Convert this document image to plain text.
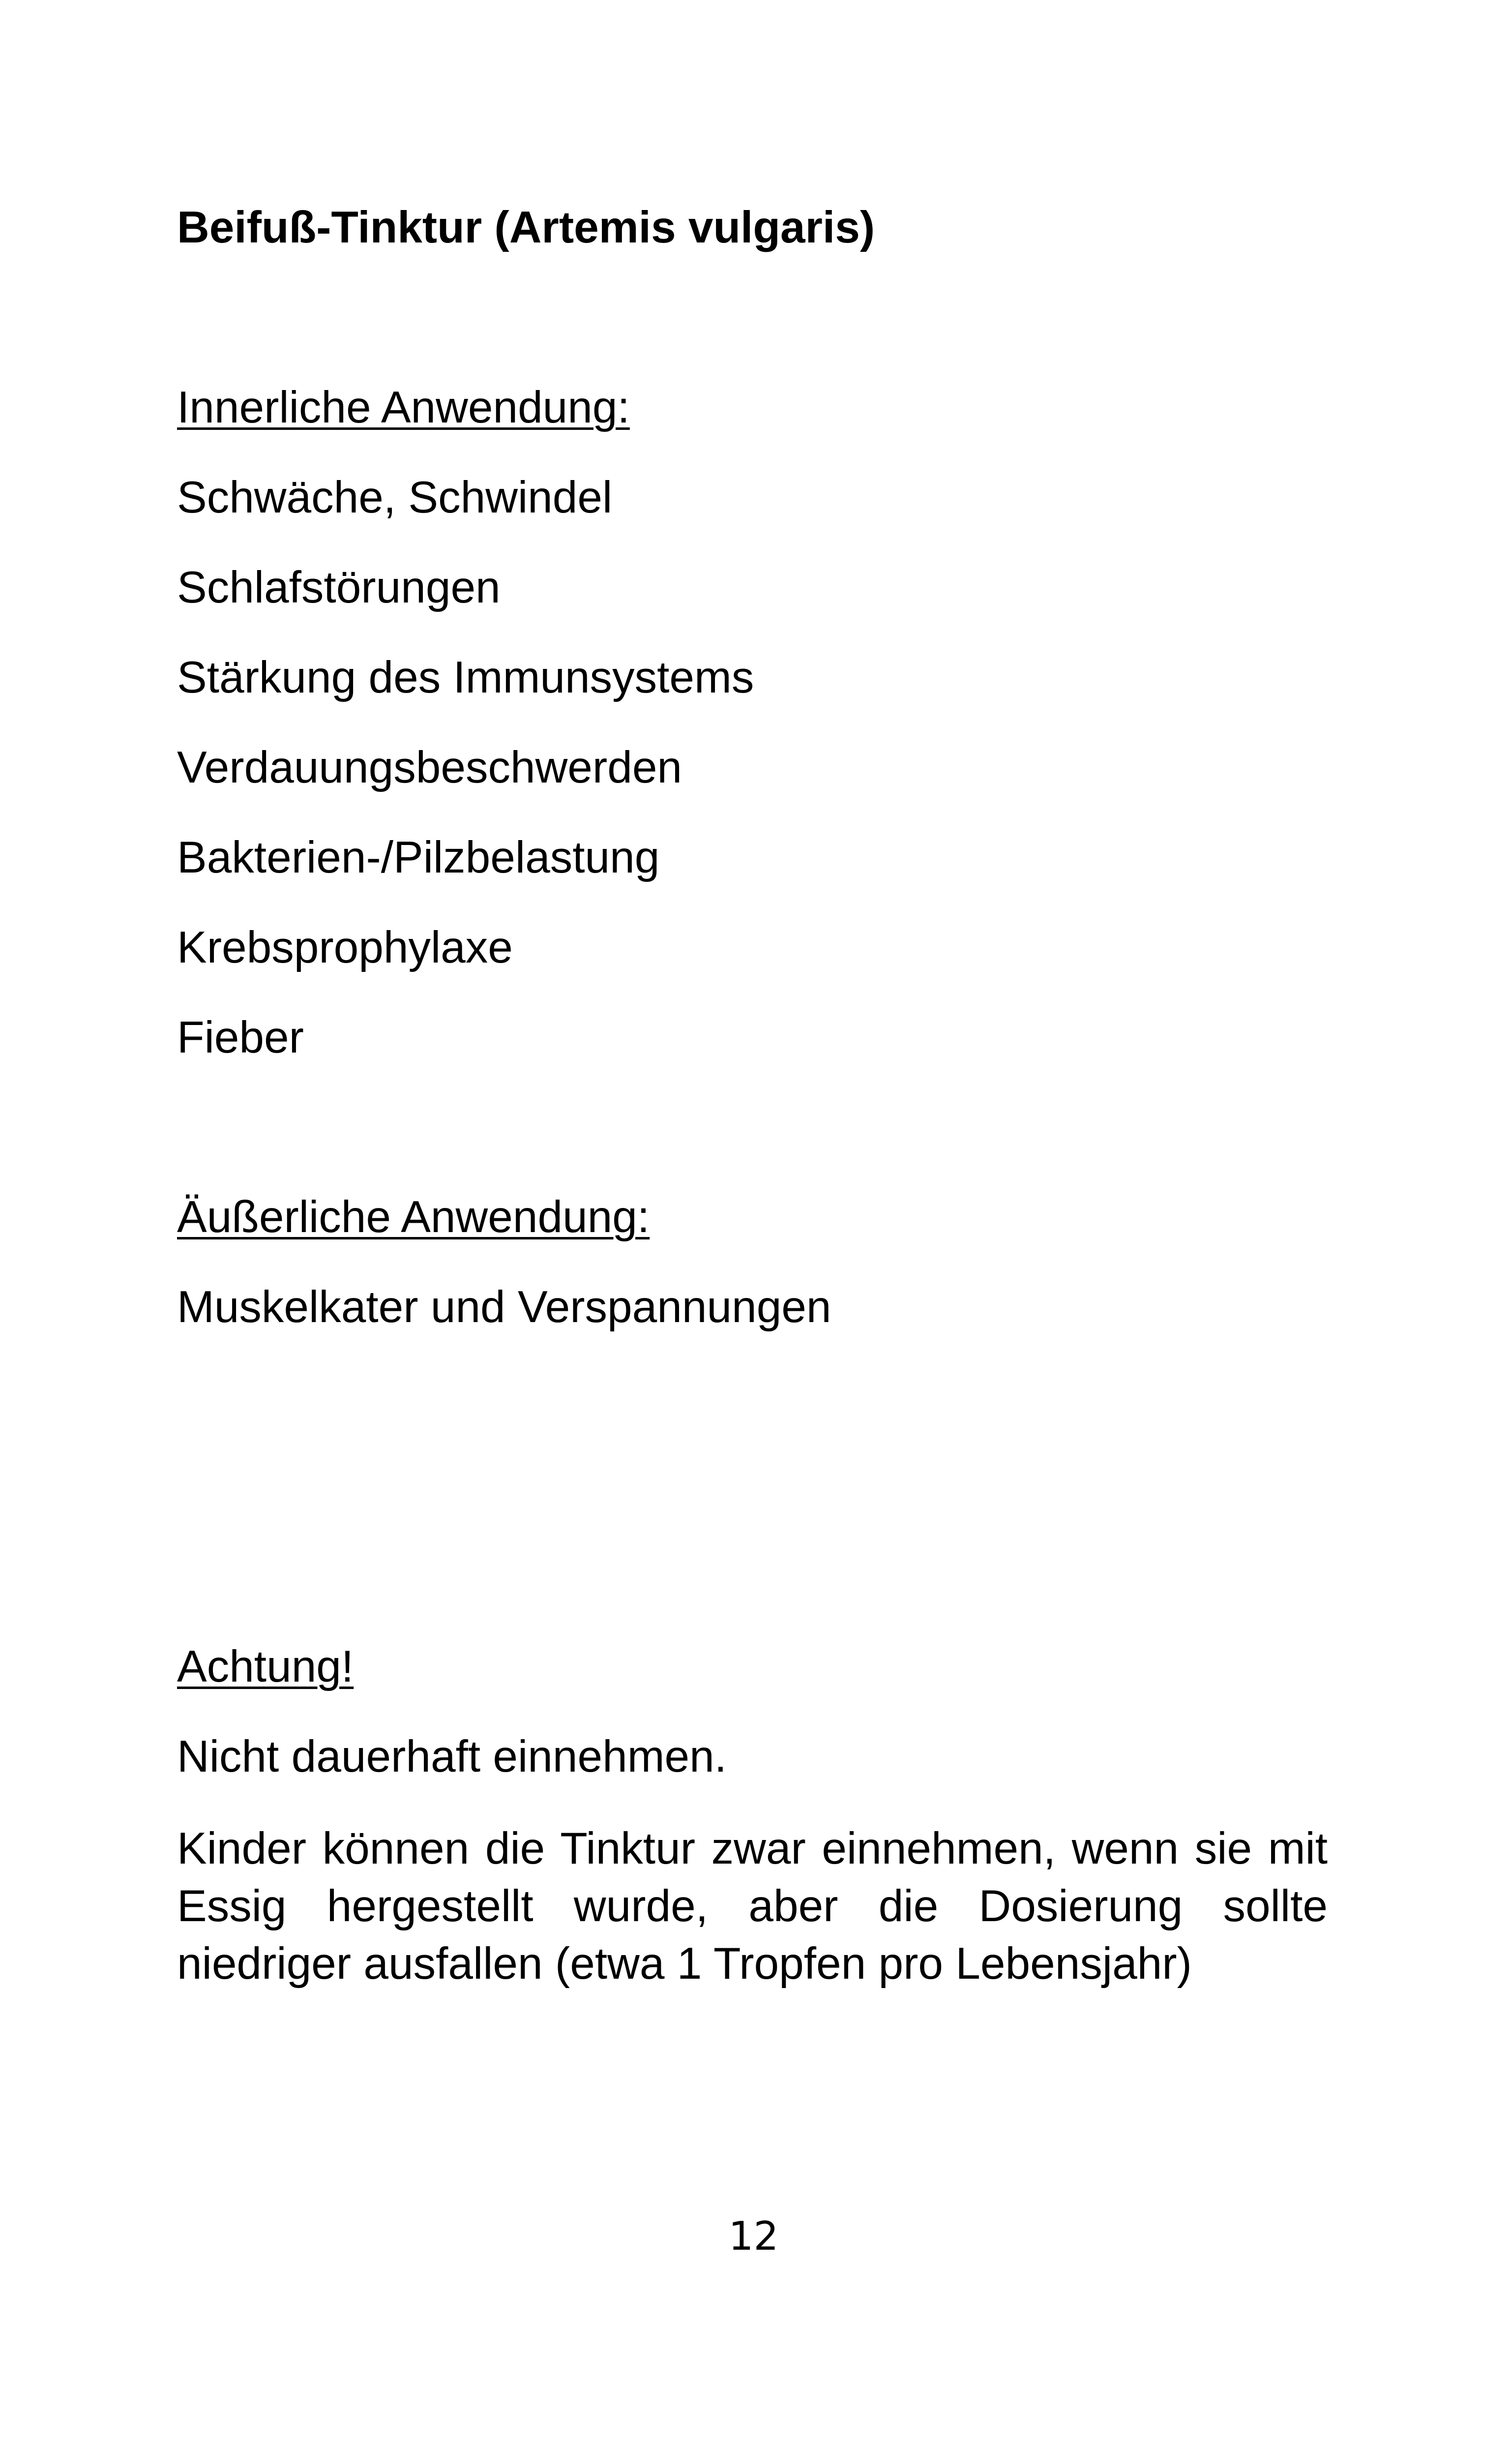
Beifuß-Tinktur (Artemis vulgaris)
Innerliche Anwendung:
Schwäche, Schwindel
Schlafstörungen
Stärkung des Immunsystems
Verdauungsbeschwerden
Bakterien-/Pilzbelastung
Krebsprophylaxe
Fieber
Äußerliche Anwendung:
Muskelkater und Verspannungen
Achtung!
Nicht dauerhaft einnehmen.
Kinder können die Tinktur zwar einnehmen, wenn sie mit Essig hergestellt wurde, aber die Dosierung sollte niedriger ausfallen (etwa 1 Tropfen pro Lebensjahr)
12
